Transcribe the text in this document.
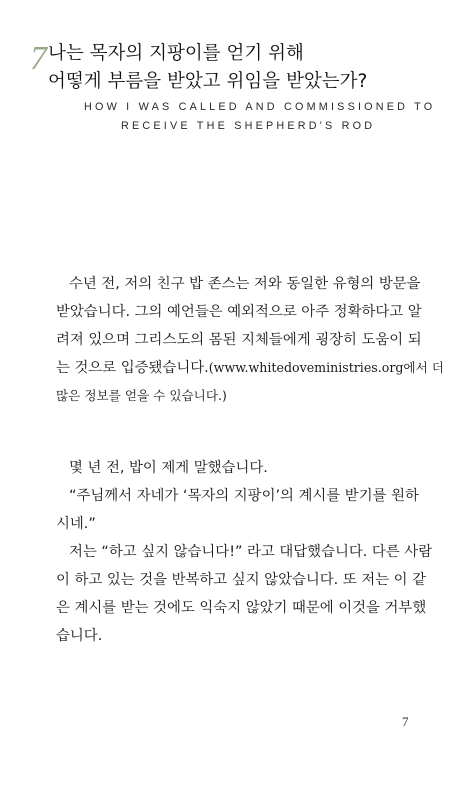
7 나는 목자의 지팡이를 얻기 위해
어떻게 부름을 받았고 위임을 받았는가?
HOW I WAS CALLED AND COMMISSIONED TO
RECEIVE THE SHEPHERD'S ROD
수년 전, 저의 친구 밥 존스는 저와 동일한 유형의 방문을
받았습니다. 그의 예언들은 예외적으로 아주 정확하다고 알
려져 있으며 그리스도의 몸된 지체들에게 굉장히 도움이 되
는 것으로 입증됐습니다.(www.whitedoveministries.org에서 더
많은 정보를 얻을 수 있습니다.)
몇 년 전, 밥이 제게 말했습니다.
“주님께서 자네가 ‘목자의 지팡이’의 계시를 받기를 원하
시네.”
저는 “하고 싶지 않습니다!” 라고 대답했습니다. 다른 사람
이 하고 있는 것을 반복하고 싶지 않았습니다. 또 저는 이 같
은 계시를 받는 것에도 익숙지 않았기 때문에 이것을 거부했
습니다.
7
